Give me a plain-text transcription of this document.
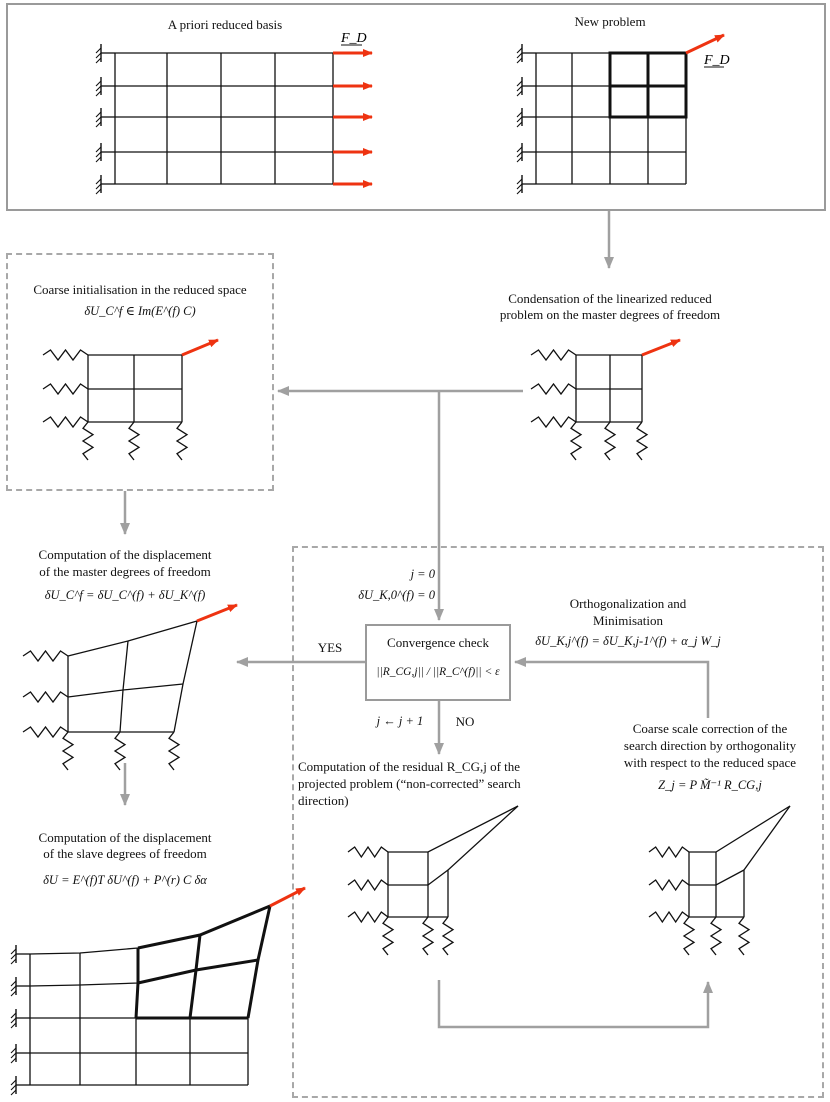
A priori reduced basis	New problem
Coarse initialisation in the reduced space
δU_C^f ∈ Im(E^(f) C)
Condensation of the linearized reduced
problem on the master degrees of freedom
Computation of the displacement
of the master degrees of freedom
δU_C^f = δU_C^(f) + δU_K^(f)
Computation of the displacement
of the slave degrees of freedom
δU = E^(f)T δU^(f) + P^(r) C δα
j = 0
δU_K,0^(f) = 0
Convergence check
||R_CG,j|| / ||R_C^(f)|| < ε
Orthogonalization and
Minimisation
δU_K,j^(f) = δU_K,j-1^(f) + α_j W_j
YES
j ← j + 1	NO
Computation of the residual R_CG,j of the
projected problem (“non-corrected” search
direction)
Coarse scale correction of the
search direction by orthogonality
with respect to the reduced space
Z_j = P M̃⁻¹ R_CG,j
F_D
F_D
